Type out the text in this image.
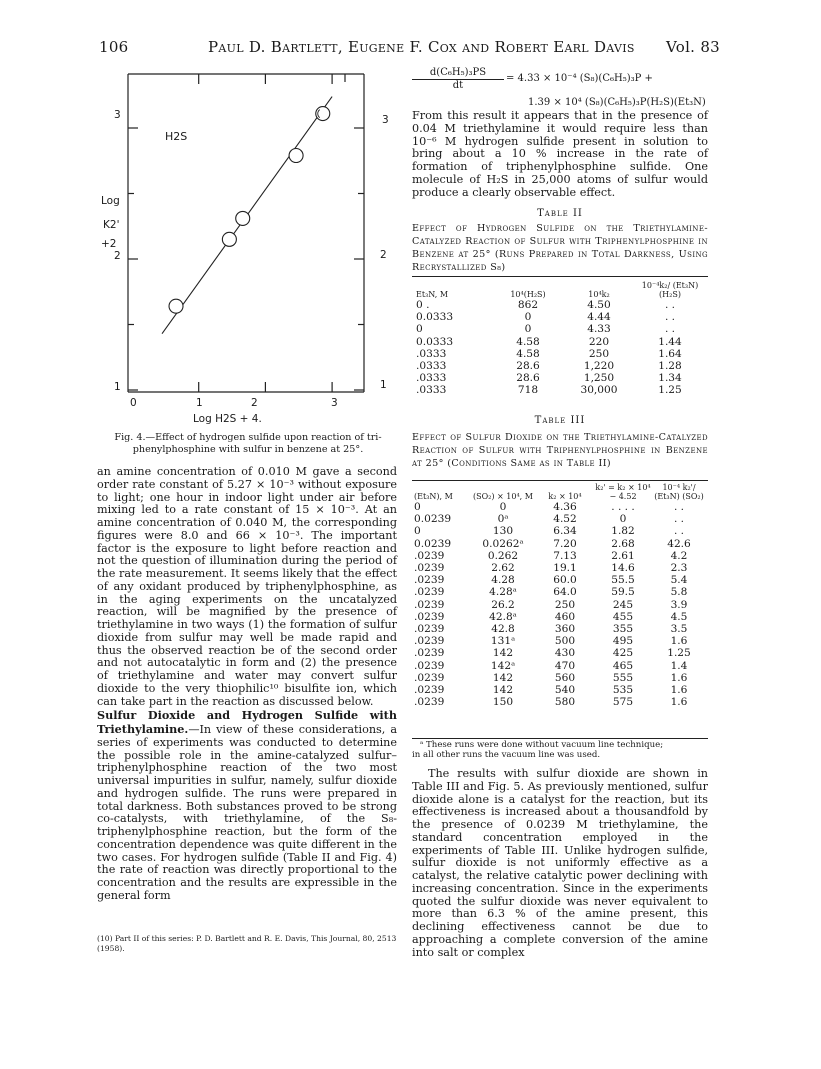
106	Paul D. Bartlett, Eugene F. Cox and Robert Earl Davis Vol. 83
Log
K2'
+2
H2S
3
2
1
3
2
1
0	1	2	3
Log H2S + 4.
Fig. 4.—Effect of hydrogen sulfide upon reaction of tri-
phenylphosphine with sulfur in benzene at 25°.

an amine concentration of 0.010 M gave a second order rate constant of 5.27 × 10⁻³ without exposure to light; one hour in indoor light under air before mixing led to a rate constant of 15 × 10⁻³. At an amine concentration of 0.040 M, the corresponding figures were 8.0 and 66 × 10⁻³. The important factor is the exposure to light before reaction and not the question of illumination during the period of the rate measurement. It seems likely that the effect of any oxidant produced by triphenylphosphine, as in the aging experiments on the uncatalyzed reaction, will be magnified by the presence of triethylamine in two ways (1) the formation of sulfur dioxide from sulfur may well be made rapid and thus the observed reaction be of the second order and not autocatalytic in form and (2) the presence of triethylamine and water may convert sulfur dioxide to the very thiophilic¹⁰ bisulfite ion, which can take part in the reaction as discussed below.

Sulfur Dioxide and Hydrogen Sulfide with Triethylamine.—In view of these considerations, a series of experiments was conducted to determine the possible role in the amine-catalyzed sulfur–triphenylphosphine reaction of the two most universal impurities in sulfur, namely, sulfur dioxide and hydrogen sulfide. The runs were prepared in total darkness. Both substances proved to be strong co-catalysts, with triethylamine, of the S₈-triphenylphosphine reaction, but the form of the concentration dependence was quite different in the two cases. For hydrogen sulfide (Table II and Fig. 4) the rate of reaction was directly proportional to the concentration and the results are expressible in the general form

(10) Part II of this series: P. D. Bartlett and R. E. Davis, This Journal, 80, 2513 (1958).
$\frac{\text{d(C₆H₅)₃PS}}{dt} = 4.33 \times 10^{-4}$ (S₈)(C₆H₅)₃P +
1.39 × 10⁴ (S₈)(C₆H₅)₃P(H₂S)(Et₃N)
From this result it appears that in the presence of 0.04 M triethylamine it would require less than 10⁻⁶ M hydrogen sulfide present in solution to bring about a 10 % increase in the rate of formation of triphenylphosphine sulfide. One molecule of H₂S in 25,000 atoms of sulfur would produce a clearly observable effect.
Table II
Effect of Hydrogen Sulfide on the Triethylamine-Catalyzed Reaction of Sulfur with Triphenylphosphine in Benzene at 25° (Runs Prepared in Total Darkness, Using Recrystallized S₈)
Et₃N, M	10⁴(H₂S)	10⁴k₂	10⁻⁴k₂/ (Et₃N)(H₂S)
0 .	862	4.50	. .
0.0333	0	4.44	. .
0	0	4.33	. .
0.0333	4.58	220	1.44
.0333	4.58	250	1.64
.0333	28.6	1,220	1.28
.0333	28.6	1,250	1.34
.0333	718	30,000	1.25
Table III
Effect of Sulfur Dioxide on the Triethylamine-Catalyzed Reaction of Sulfur with Triphenylphosphine in Benzene at 25° (Conditions Same as in Table II)
(Et₃N), M	(SO₂) × 10⁴, M	k₂ × 10⁴	k₂' = k₂ × 10⁴ − 4.52	10⁻⁴ k₂'/ (Et₃N) (SO₂)
0	0	4.36	. . . .	. .
0.0239	0ᵃ	4.52	0	. .
0	130	6.34	1.82	. .
0.0239	0.0262ᵃ	7.20	2.68	42.6
.0239	0.262	7.13	2.61	4.2
.0239	2.62	19.1	14.6	2.3
.0239	4.28	60.0	55.5	5.4
.0239	4.28ᵃ	64.0	59.5	5.8
.0239	26.2	250	245	3.9
.0239	42.8ᵃ	460	455	4.5
.0239	42.8	360	355	3.5
.0239	131ᵃ	500	495	1.6
.0239	142	430	425	1.25
.0239	142ᵃ	470	465	1.4
.0239	142	560	555	1.6
.0239	142	540	535	1.6
.0239	150	580	575	1.6
ᵃ These runs were done without vacuum line technique;
in all other runs the vacuum line was used.
The results with sulfur dioxide are shown in Table III and Fig. 5. As previously mentioned, sulfur dioxide alone is a catalyst for the reaction, but its effectiveness is increased about a thousandfold by the presence of 0.0239 M triethylamine, the standard concentration employed in the experiments of Table III. Unlike hydrogen sulfide, sulfur dioxide is not uniformly effective as a catalyst, the relative catalytic power declining with increasing concentration. Since in the experiments quoted the sulfur dioxide was never equivalent to more than 6.3 % of the amine present, this declining effectiveness cannot be due to approaching a complete conversion of the amine into salt or complex
